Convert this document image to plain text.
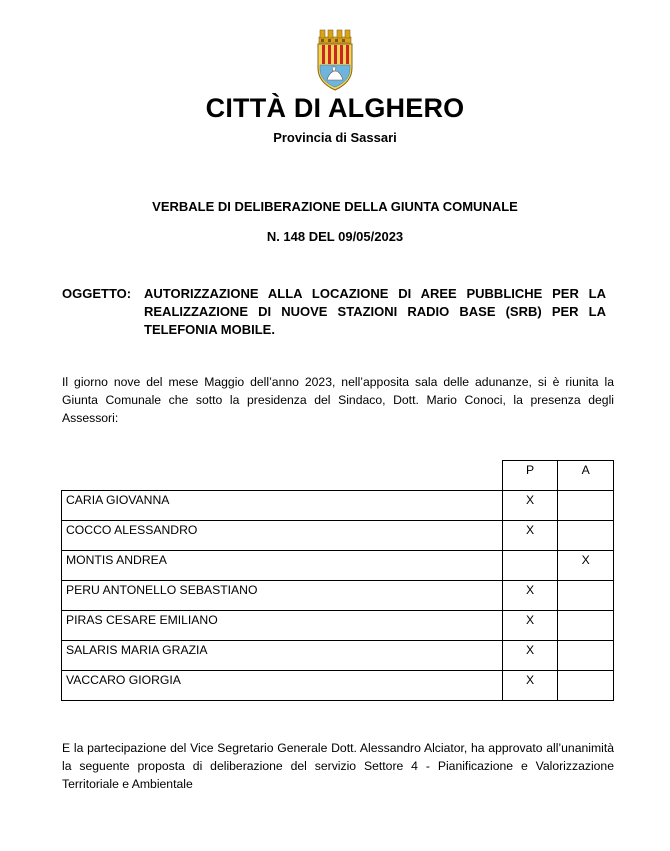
CITTÀ DI ALGHERO
Provincia di Sassari
VERBALE DI DELIBERAZIONE DELLA GIUNTA COMUNALE
N. 148 DEL 09/05/2023
OGGETTO: AUTORIZZAZIONE ALLA LOCAZIONE DI AREE PUBBLICHE PER LA REALIZZAZIONE DI NUOVE STAZIONI RADIO BASE (SRB) PER LA TELEFONIA MOBILE.
Il giorno nove del mese Maggio dell’anno 2023, nell’apposita sala delle adunanze, si è riunita la Giunta Comunale che sotto la presidenza del Sindaco, Dott. Mario Conoci, la presenza degli Assessori:
	P	A
CARIA GIOVANNA	X	
COCCO ALESSANDRO	X	
MONTIS ANDREA		X
PERU ANTONELLO SEBASTIANO	X	
PIRAS CESARE EMILIANO	X	
SALARIS MARIA GRAZIA	X	
VACCARO GIORGIA	X	
E la partecipazione del Vice Segretario Generale Dott. Alessandro Alciator, ha approvato all’unanimità la seguente proposta di deliberazione del servizio Settore 4 - Pianificazione e Valorizzazione Territoriale e Ambientale
